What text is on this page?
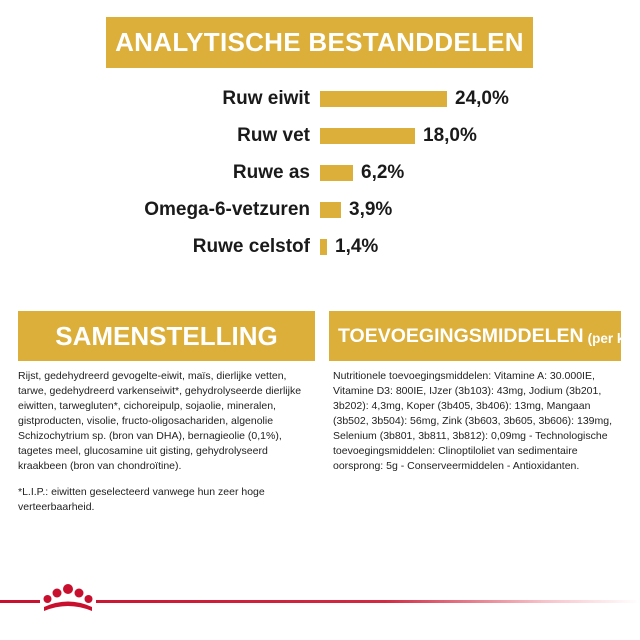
ANALYTISCHE BESTANDDELEN
Ruw eiwit	24,0%
Ruw vet	18,0%
Ruwe as	6,2%
Omega-6-vetzuren 3,9%
Ruwe celstof 1,4%
SAMENSTELLING
Rijst, gedehydreerd gevogelte-eiwit, maïs, dierlijke vetten, tarwe, gedehydreerd varkenseiwit*, gehydrolyseerde dierlijke eiwitten, tarwegluten*, cichoreipulp, sojaolie, mineralen, gistproducten, visolie, fructo-oligosachariden, algenolie Schizochytrium sp. (bron van DHA), bernagieolie (0,1%), tagetes meel, glucosamine uit gisting, gehydrolyseerd kraakbeen (bron van chondroïtine).
*L.I.P.: eiwitten geselecteerd vanwege hun zeer hoge verteerbaarheid.
TOEVOEGINGSMIDDELEN (per kg)
Nutritionele toevoegingsmiddelen: Vitamine A: 30.000IE, Vitamine D3: 800IE, IJzer (3b103): 43mg, Jodium (3b201, 3b202): 4,3mg, Koper (3b405, 3b406): 13mg, Mangaan (3b502, 3b504): 56mg, Zink (3b603, 3b605, 3b606): 139mg, Selenium (3b801, 3b811, 3b812): 0,09mg - Technologische toevoegingsmiddelen: Clinoptiloliet van sedimentaire oorsprong: 5g - Conserveermiddelen - Antioxidanten.
